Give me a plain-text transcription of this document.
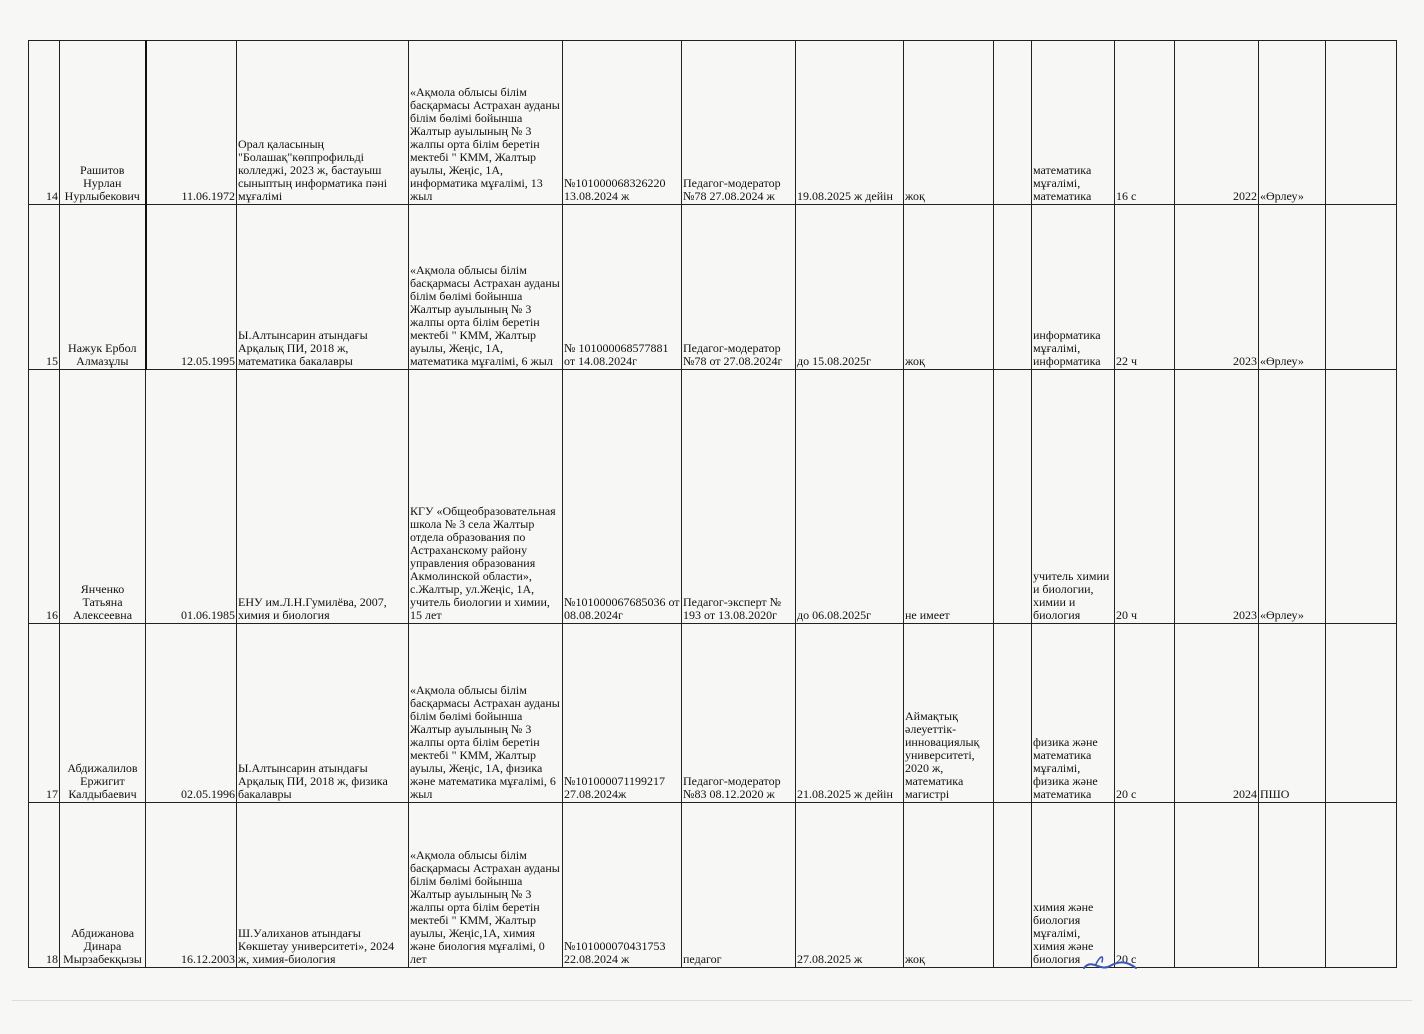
14	Рашитов Нурлан Нурлыбекович	11.06.1972	Орал қаласының "Болашақ"көппрофильді колледжі, 2023 ж, бастауыш сыныптың информатика пәні мұғалімі	«Ақмола облысы білім басқармасы Астрахан ауданы білім бөлімі бойынша Жалтыр ауылының № 3 жалпы орта білім беретін мектебі " КММ, Жалтыр ауылы, Жеңіс, 1А, информатика мұғалімі, 13 жыл	№101000068326220 13.08.2024 ж	Педагог-модератор №78 27.08.2024 ж	19.08.2025 ж дейін	жоқ		математика мұғалімі, математика	16 с	2022	«Өрлеу»	
15	Нажук Ербол Алмазұлы	12.05.1995	Ы.Алтынсарин атындағы Арқалық ПИ, 2018 ж, математика бакалавры	«Ақмола облысы білім басқармасы Астрахан ауданы білім бөлімі бойынша Жалтыр ауылының № 3 жалпы орта білім беретін мектебі " КММ, Жалтыр ауылы, Жеңіс, 1А, математика мұғалімі, 6 жыл	№ 101000068577881 от 14.08.2024г	Педагог-модератор №78 от 27.08.2024г	до 15.08.2025г	жоқ		информатика мұғалімі, информатика	22 ч	2023	«Өрлеу»	
16	Янченко Татьяна Алексеевна	01.06.1985	ЕНУ им.Л.Н.Гумилёва, 2007, химия и биология	КГУ «Общеобразовательная школа № 3 села Жалтыр отдела образования по Астраханскому району управления образования Акмолинской области», с.Жалтыр, ул.Жеңіс, 1А, учитель биологии и химии, 15 лет	№101000067685036 от 08.08.2024г	Педагог-эксперт № 193 от 13.08.2020г	до 06.08.2025г	не имеет		учитель химии и биологии, химии и биология	20 ч	2023	«Өрлеу»	
17	Абдижалилов Ержигит Калдыбаевич	02.05.1996	Ы.Алтынсарин атындағы Арқалық ПИ, 2018 ж, физика бакалавры	«Ақмола облысы білім басқармасы Астрахан ауданы білім бөлімі бойынша Жалтыр ауылының № 3 жалпы орта білім беретін мектебі " КММ, Жалтыр ауылы, Жеңіс, 1А, физика және математика мұғалімі, 6 жыл	№101000071199217 27.08.2024ж	Педагог-модератор №83 08.12.2020 ж	21.08.2025 ж дейін	Аймақтық әлеуеттік-инновациялық университеті, 2020 ж, математика магистрі		физика және математика мұғалімі, физика және математика	20 с	2024	ПШО	
18	Абдижанова Динара Мырзабекқызы	16.12.2003	Ш.Уалиханов атындағы Көкшетау университеті», 2024 ж, химия-биология	«Ақмола облысы білім басқармасы Астрахан ауданы білім бөлімі бойынша Жалтыр ауылының № 3 жалпы орта білім беретін мектебі " КММ, Жалтыр ауылы, Жеңіс,1А, химия және биология мұғалімі, 0 лет	№101000070431753 22.08.2024 ж	педагог	27.08.2025 ж	жоқ		химия және биология мұғалімі, химия және биология	20 с			
